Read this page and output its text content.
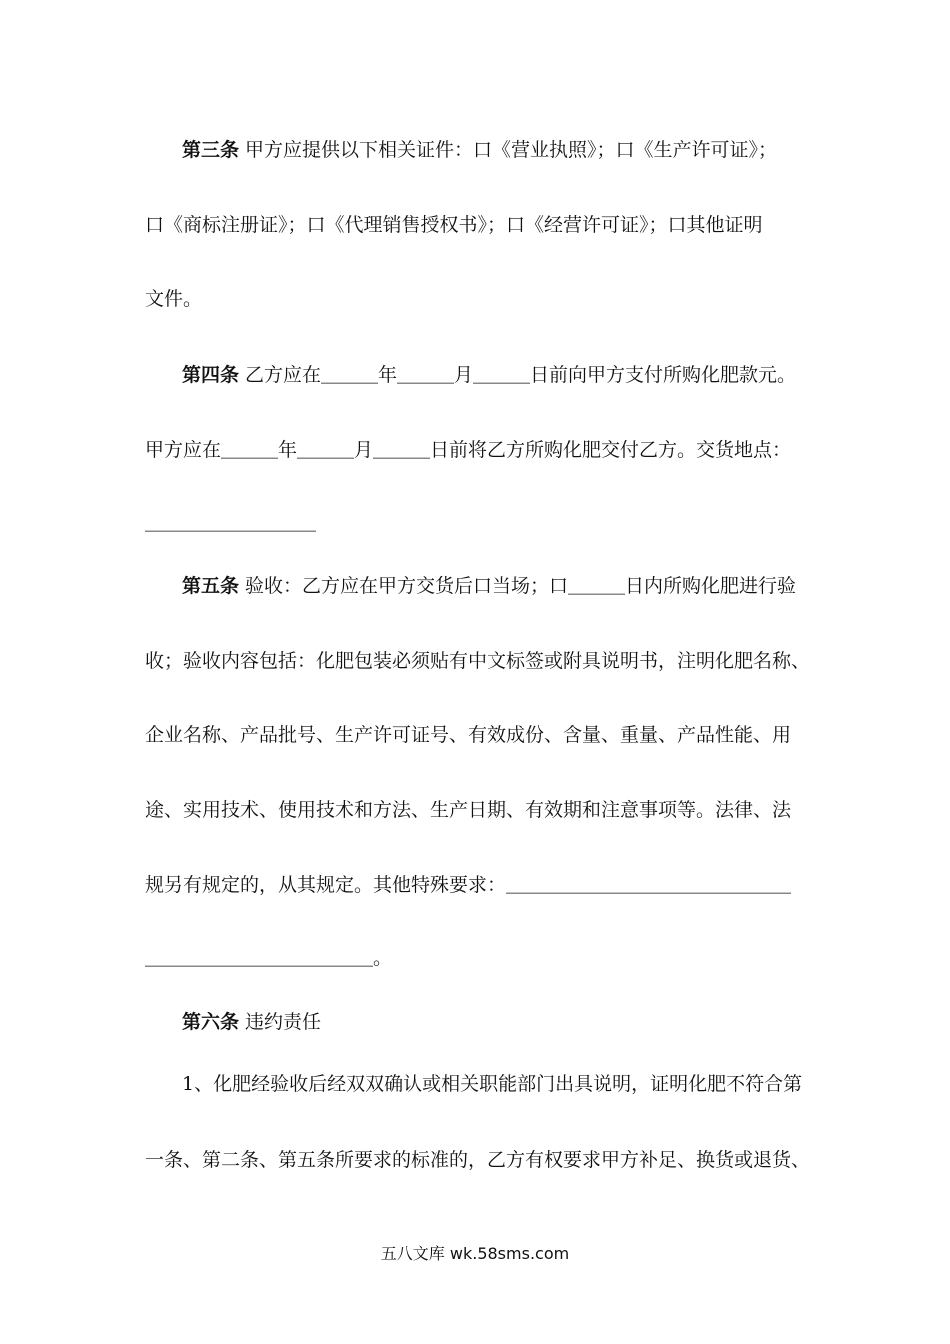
第三条 甲方应提供以下相关证件：口《营业执照》；口《生产许可证》；
口《商标注册证》；口《代理销售授权书》；口《经营许可证》；口其他证明
文件。
第四条 乙方应在＿＿＿年＿＿＿月＿＿＿日前向甲方支付所购化肥款元。
甲方应在＿＿＿年＿＿＿月＿＿＿日前将乙方所购化肥交付乙方。交货地点：
＿＿＿＿＿＿＿＿＿
第五条 验收：乙方应在甲方交货后口当场；口＿＿＿日内所购化肥进行验
收；验收内容包括：化肥包装必须贴有中文标签或附具说明书，注明化肥名称、
企业名称、产品批号、生产许可证号、有效成份、含量、重量、产品性能、用
途、实用技术、使用技术和方法、生产日期、有效期和注意事项等。法律、法
规另有规定的，从其规定。其他特殊要求：＿＿＿＿＿＿＿＿＿＿＿＿＿＿＿
＿＿＿＿＿＿＿＿＿＿＿＿。
第六条 违约责任
1、化肥经验收后经双双确认或相关职能部门出具说明，证明化肥不符合第
一条、第二条、第五条所要求的标准的，乙方有权要求甲方补足、换货或退货、
五八文库 wk.58sms.com
